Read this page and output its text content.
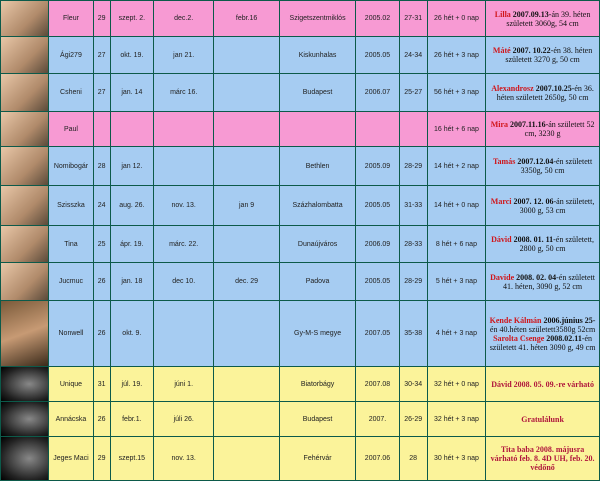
	Fleur	29	szept. 2.	dec.2.	febr.16	Szigetszentmiklós	2005.02	27-31	26 hét + 0 nap	Lilla 2007.09.13-án 39. héten született 3060g, 54 cm

	Ági279	27	okt. 19.	jan 21.		Kiskunhalas	2005.05	24-34	26 hét + 3 nap	Máté 2007. 10.22-én 38. héten született 3270 g, 50 cm

	Csheni	27	jan. 14	márc 16.		Budapest	2006.07	25-27	56 hét + 3 nap	Alexandrosz 2007.10.25-én 36. héten született 2650g, 50 cm

	Paul								16 hét + 6 nap	Mira 2007.11.16-án született 52 cm, 3230 g

	Nomibogár	28	jan 12.			Bethlen	2005.09	28-29	14 hét + 2 nap	Tamás 2007.12.04-én született 3350g, 50 cm

	Szisszka	24	aug. 26.	nov. 13.	jan 9	Százhalombatta	2005.05	31-33	14 hét + 0 nap	Marci 2007. 12. 06-án született, 3000 g, 53 cm

	Tina	25	ápr. 19.	márc. 22.		Dunaújváros	2006.09	28-33	8 hét + 6 nap	Dávid 2008. 01. 11-én született, 2800 g, 50 cm

	Jucmuc	26	jan. 18	dec 10.	dec. 29	Padova	2005.05	28-29	5 hét + 3 nap	Davide 2008. 02. 04-én született 41. héten, 3090 g, 52 cm

	Nonwell	26	okt. 9.			Gy-M-S megye	2007.05	35-38	4 hét + 3 nap	Kende Kálmán 2006.június 25-én 40.héten született3580g 52cm Sarolta Csenge 2008.02.11-én született 41. héten 3090 g, 49 cm

	Unique	31	júl. 19.	júni 1.		Biatorbágy	2007.08	30-34	32 hét + 0 nap	Dávid 2008. 05. 09.-re várható

	Annácska	26	febr.1.	júli 26.		Budapest	2007.	26-29	32 hét + 3 nap	Gratulálunk

	Jeges Maci	29	szept.15	nov. 13.		Fehérvár	2007.06	28	30 hét + 3 nap	Tita baba 2008. májusra várható feb. 8. 4D UH, feb. 20. védőnő
